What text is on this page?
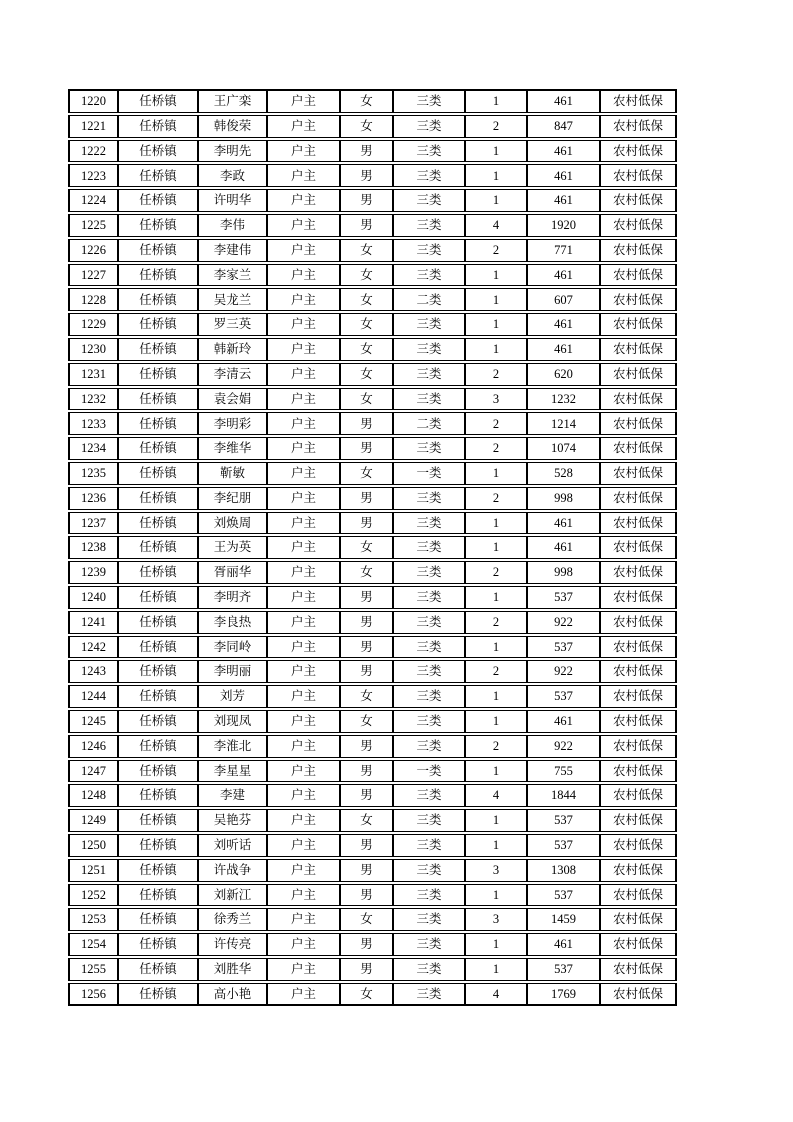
1220	任桥镇	王广栾	户主	女	三类	1	461	农村低保
1221	任桥镇	韩俊荣	户主	女	三类	2	847	农村低保
1222	任桥镇	李明先	户主	男	三类	1	461	农村低保
1223	任桥镇	李政	户主	男	三类	1	461	农村低保
1224	任桥镇	许明华	户主	男	三类	1	461	农村低保
1225	任桥镇	李伟	户主	男	三类	4	1920	农村低保
1226	任桥镇	李建伟	户主	女	三类	2	771	农村低保
1227	任桥镇	李家兰	户主	女	三类	1	461	农村低保
1228	任桥镇	吴龙兰	户主	女	二类	1	607	农村低保
1229	任桥镇	罗三英	户主	女	三类	1	461	农村低保
1230	任桥镇	韩新玲	户主	女	三类	1	461	农村低保
1231	任桥镇	李清云	户主	女	三类	2	620	农村低保
1232	任桥镇	袁会娟	户主	女	三类	3	1232	农村低保
1233	任桥镇	李明彩	户主	男	二类	2	1214	农村低保
1234	任桥镇	李维华	户主	男	三类	2	1074	农村低保
1235	任桥镇	靳敏	户主	女	一类	1	528	农村低保
1236	任桥镇	李纪朋	户主	男	三类	2	998	农村低保
1237	任桥镇	刘焕周	户主	男	三类	1	461	农村低保
1238	任桥镇	王为英	户主	女	三类	1	461	农村低保
1239	任桥镇	胥丽华	户主	女	三类	2	998	农村低保
1240	任桥镇	李明齐	户主	男	三类	1	537	农村低保
1241	任桥镇	李良热	户主	男	三类	2	922	农村低保
1242	任桥镇	李同岭	户主	男	三类	1	537	农村低保
1243	任桥镇	李明丽	户主	男	三类	2	922	农村低保
1244	任桥镇	刘芳	户主	女	三类	1	537	农村低保
1245	任桥镇	刘现凤	户主	女	三类	1	461	农村低保
1246	任桥镇	李淮北	户主	男	三类	2	922	农村低保
1247	任桥镇	李星星	户主	男	一类	1	755	农村低保
1248	任桥镇	李建	户主	男	三类	4	1844	农村低保
1249	任桥镇	吴艳芬	户主	女	三类	1	537	农村低保
1250	任桥镇	刘听话	户主	男	三类	1	537	农村低保
1251	任桥镇	许战争	户主	男	三类	3	1308	农村低保
1252	任桥镇	刘新江	户主	男	三类	1	537	农村低保
1253	任桥镇	徐秀兰	户主	女	三类	3	1459	农村低保
1254	任桥镇	许传亮	户主	男	三类	1	461	农村低保
1255	任桥镇	刘胜华	户主	男	三类	1	537	农村低保
1256	任桥镇	高小艳	户主	女	三类	4	1769	农村低保
